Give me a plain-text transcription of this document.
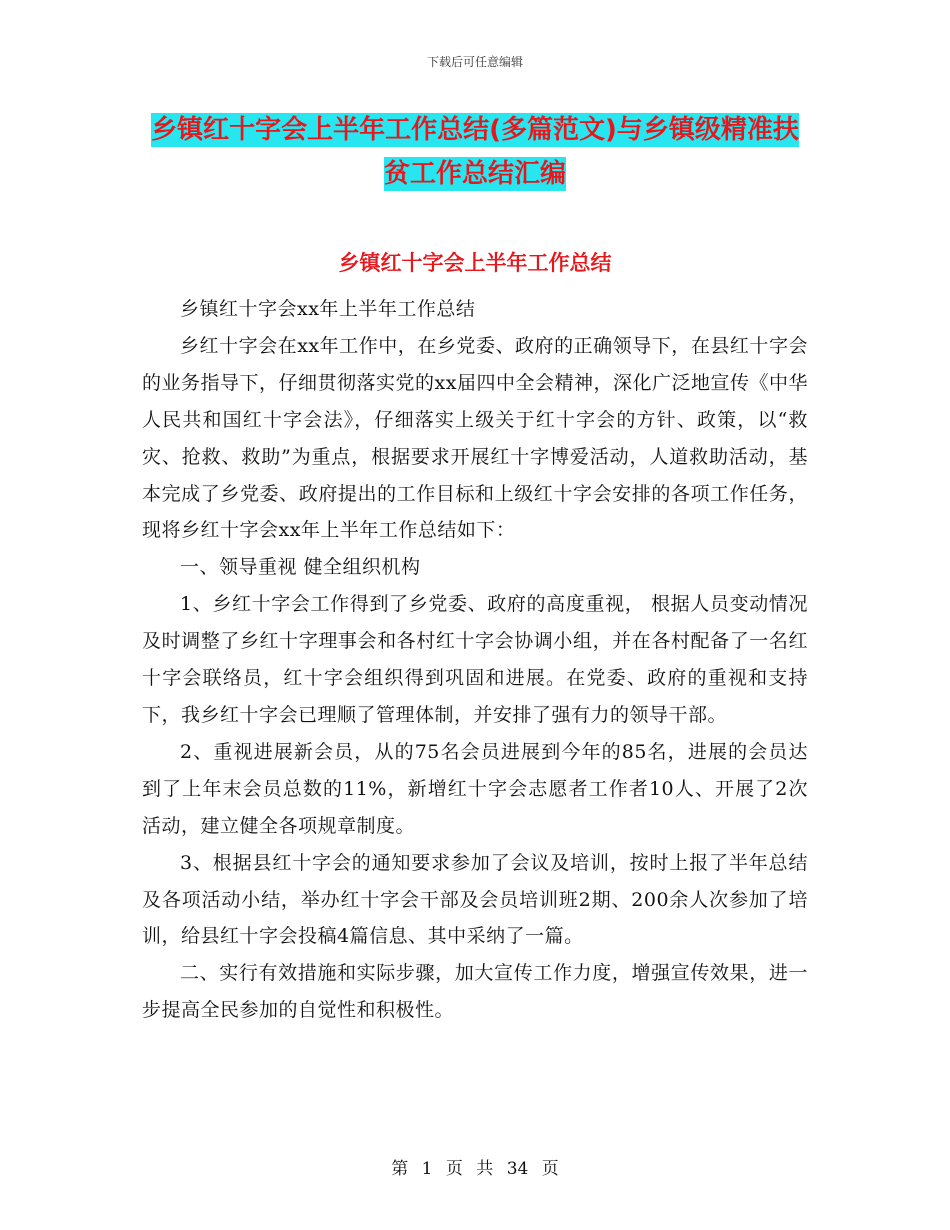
下载后可任意编辑
乡镇红十字会上半年工作总结(多篇范文)与乡镇级精准扶贫工作总结汇编
乡镇红十字会上半年工作总结

乡镇红十字会xx年上半年工作总结

乡红十字会在xx年工作中，在乡党委、政府的正确领导下，在县红十字会的业务指导下，仔细贯彻落实党的xx届四中全会精神，深化广泛地宣传《中华人民共和国红十字会法》，仔细落实上级关于红十字会的方针、政策，以“救灾、抢救、救助”为重点，根据要求开展红十字博爱活动，人道救助活动，基本完成了乡党委、政府提出的工作目标和上级红十字会安排的各项工作任务，现将乡红十字会xx年上半年工作总结如下：

一、领导重视 健全组织机构

1、乡红十字会工作得到了乡党委、政府的高度重视， 根据人员变动情况及时调整了乡红十字理事会和各村红十字会协调小组，并在各村配备了一名红十字会联络员，红十字会组织得到巩固和进展。在党委、政府的重视和支持下，我乡红十字会已理顺了管理体制，并安排了强有力的领导干部。

2、重视进展新会员，从的75名会员进展到今年的85名，进展的会员达到了上年末会员总数的11%，新增红十字会志愿者工作者10人、开展了2次活动，建立健全各项规章制度。

3、根据县红十字会的通知要求参加了会议及培训，按时上报了半年总结及各项活动小结，举办红十字会干部及会员培训班2期、200余人次参加了培训，给县红十字会投稿4篇信息、其中采纳了一篇。

二、实行有效措施和实际步骤，加大宣传工作力度，增强宣传效果，进一步提高全民参加的自觉性和积极性。

第 1 页 共 34 页
